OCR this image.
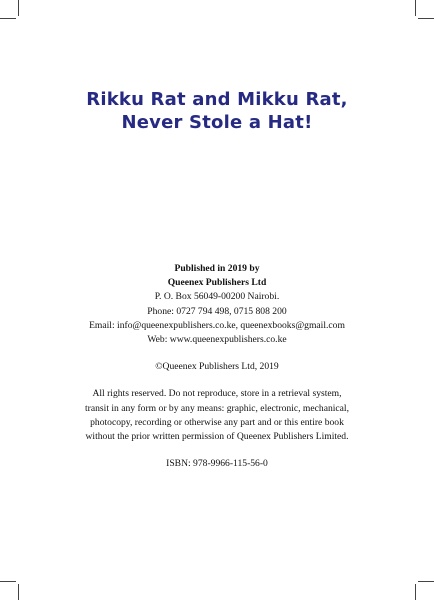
Rikku Rat and Mikku Rat,
Never Stole a Hat!
Published in 2019 by
Queenex Publishers Ltd
P. O. Box 56049-00200 Nairobi.
Phone: 0727 794 498, 0715 808 200
Email: info@queenexpublishers.co.ke, queenexbooks@gmail.com
Web: www.queenexpublishers.co.ke
©Queenex Publishers Ltd, 2019
All rights reserved. Do not reproduce, store in a retrieval system,
transit in any form or by any means: graphic, electronic, mechanical,
photocopy, recording or otherwise any part and or this entire book
without the prior written permission of Queenex Publishers Limited.
ISBN: 978-9966-115-56-0
